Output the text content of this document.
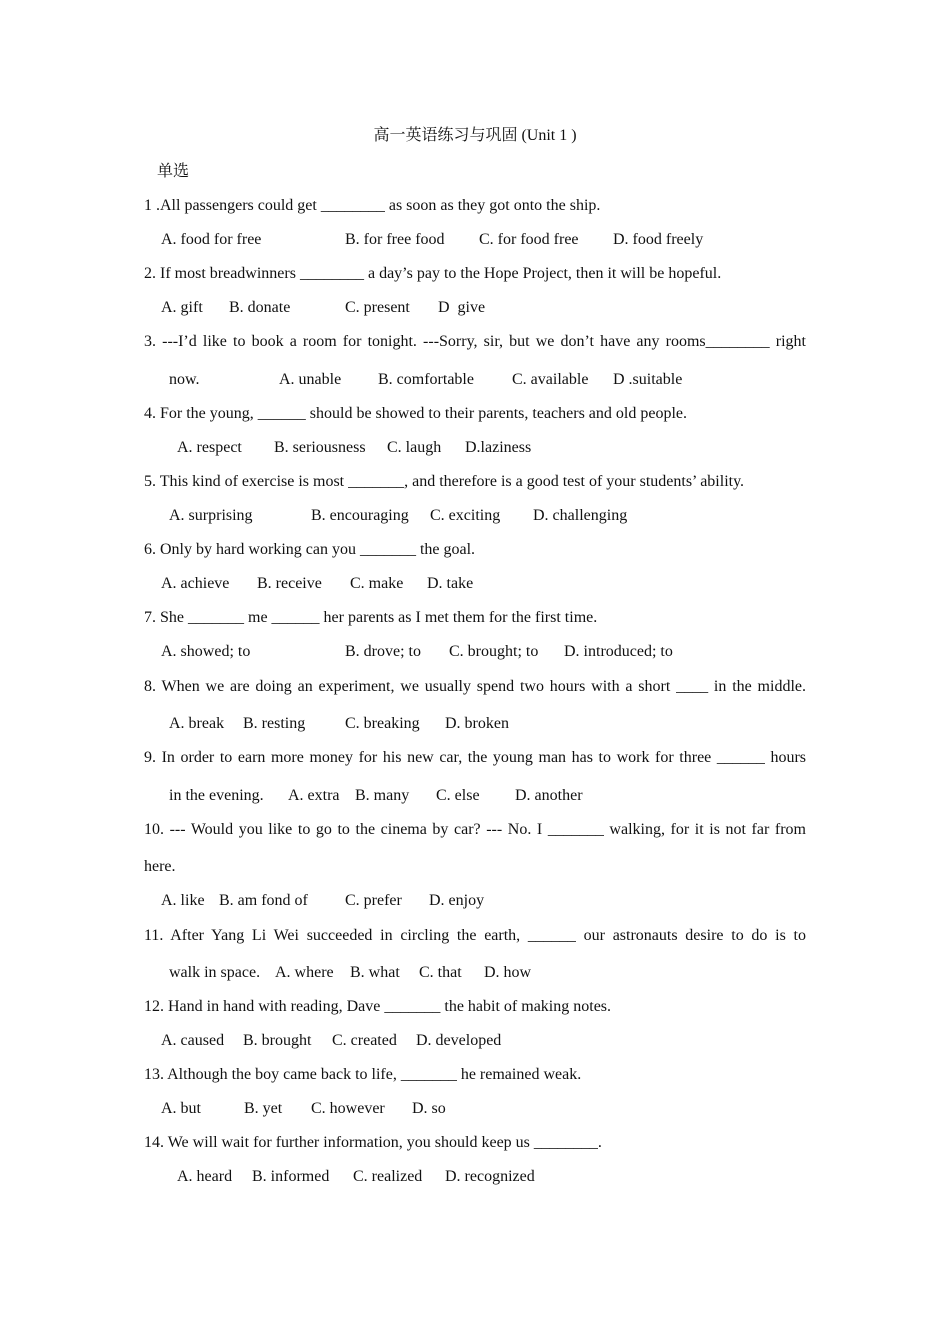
高一英语练习与巩固 (Unit 1 )
单选
1 .All passengers could get ________ as soon as they got onto the ship.
A. food for free	B. for free food C. for food free D. food freely
2. If most breadwinners ________ a day’s pay to the Hope Project, then it will be hopeful.
A. gift B. donate	C. present D  give
3. ---I’d like to book a room for tonight. ---Sorry, sir, but we don’t have any rooms________ right
now.	A. unable B. comfortable C. available D .suitable
4. For the young, ______ should be showed to their parents, teachers and old people.
A. respect B. seriousness C. laugh D.laziness
5. This kind of exercise is most _______, and therefore is a good test of your students’ ability.
A. surprising	B. encouraging C. exciting D. challenging
6. Only by hard working can you _______ the goal.
A. achieve B. receive C. make D. take
7. She _______ me ______ her parents as I met them for the first time.
A. showed; to	B. drove; to C. brought; to D. introduced; to
8. When we are doing an experiment, we usually spend two hours with a short ____ in the middle.
A. break B. resting C. breaking D. broken
9. In order to earn more money for his new car, the young man has to work for three ______ hours
in the evening. A. extra B. many C. else D. another
10. --- Would you like to go to the cinema by car? --- No. I _______ walking, for it is not far from
here.
A. like B. am fond of C. prefer D. enjoy
11. After Yang Li Wei succeeded in circling the earth, ______ our astronauts desire to do is to
walk in space. A. where B. what C. that D. how
12. Hand in hand with reading, Dave _______ the habit of making notes.
A. caused B. brought C. created D. developed
13. Although the boy came back to life, _______ he remained weak.
A. but	B. yet C. however D. so
14. We will wait for further information, you should keep us ________.
A. heard B. informed C. realized D. recognized
